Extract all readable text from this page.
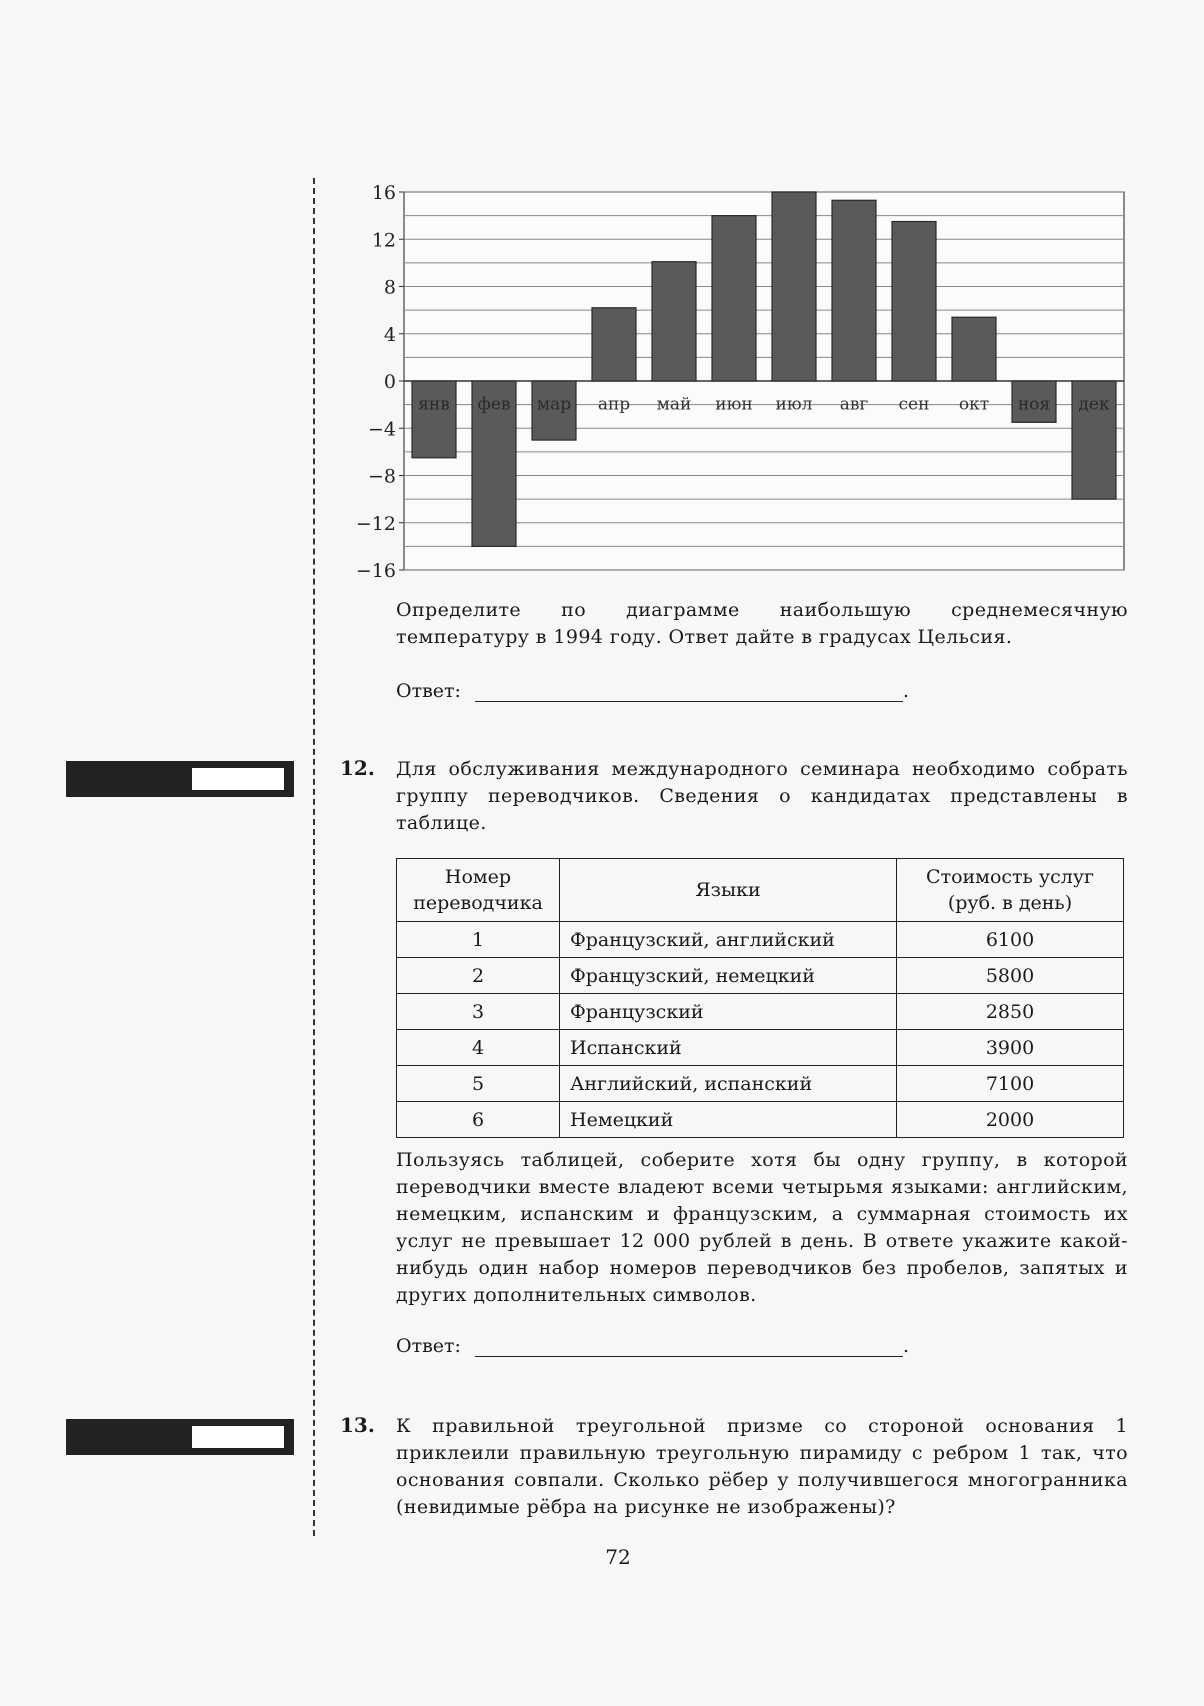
16
12
8
4
0
−4
−8
−12
−16
янв фев мар апр май июн июл авг сен окт ноя дек
Определите по диаграмме наибольшую среднемесячную температуру в 1994 году. Ответ дайте в градусах Цельсия.
Ответ:	.
12. Для обслуживания международного семинара необходимо собрать группу переводчиков. Сведения о кандидатах представлены в таблице.
Номер переводчика	Языки	Стоимость услуг (руб. в день)
1	Французский, английский	6100
2	Французский, немецкий	5800
3	Французский	2850
4	Испанский	3900
5	Английский, испанский	7100
6	Немецкий	2000
Пользуясь таблицей, соберите хотя бы одну группу, в которой переводчики вместе владеют всеми четырьмя языками: английским, немецким, испанским и французским, а суммарная стоимость их услуг не превышает 12 000 рублей в день. В ответе укажите какой-нибудь один набор номеров переводчиков без пробелов, запятых и других дополнительных символов.
Ответ:	.
13. К правильной треугольной призме со стороной основания 1 приклеили правильную треугольную пирамиду с ребром 1 так, что основания совпали. Сколько рёбер у получившегося многогранника (невидимые рёбра на рисунке не изображены)?
72
